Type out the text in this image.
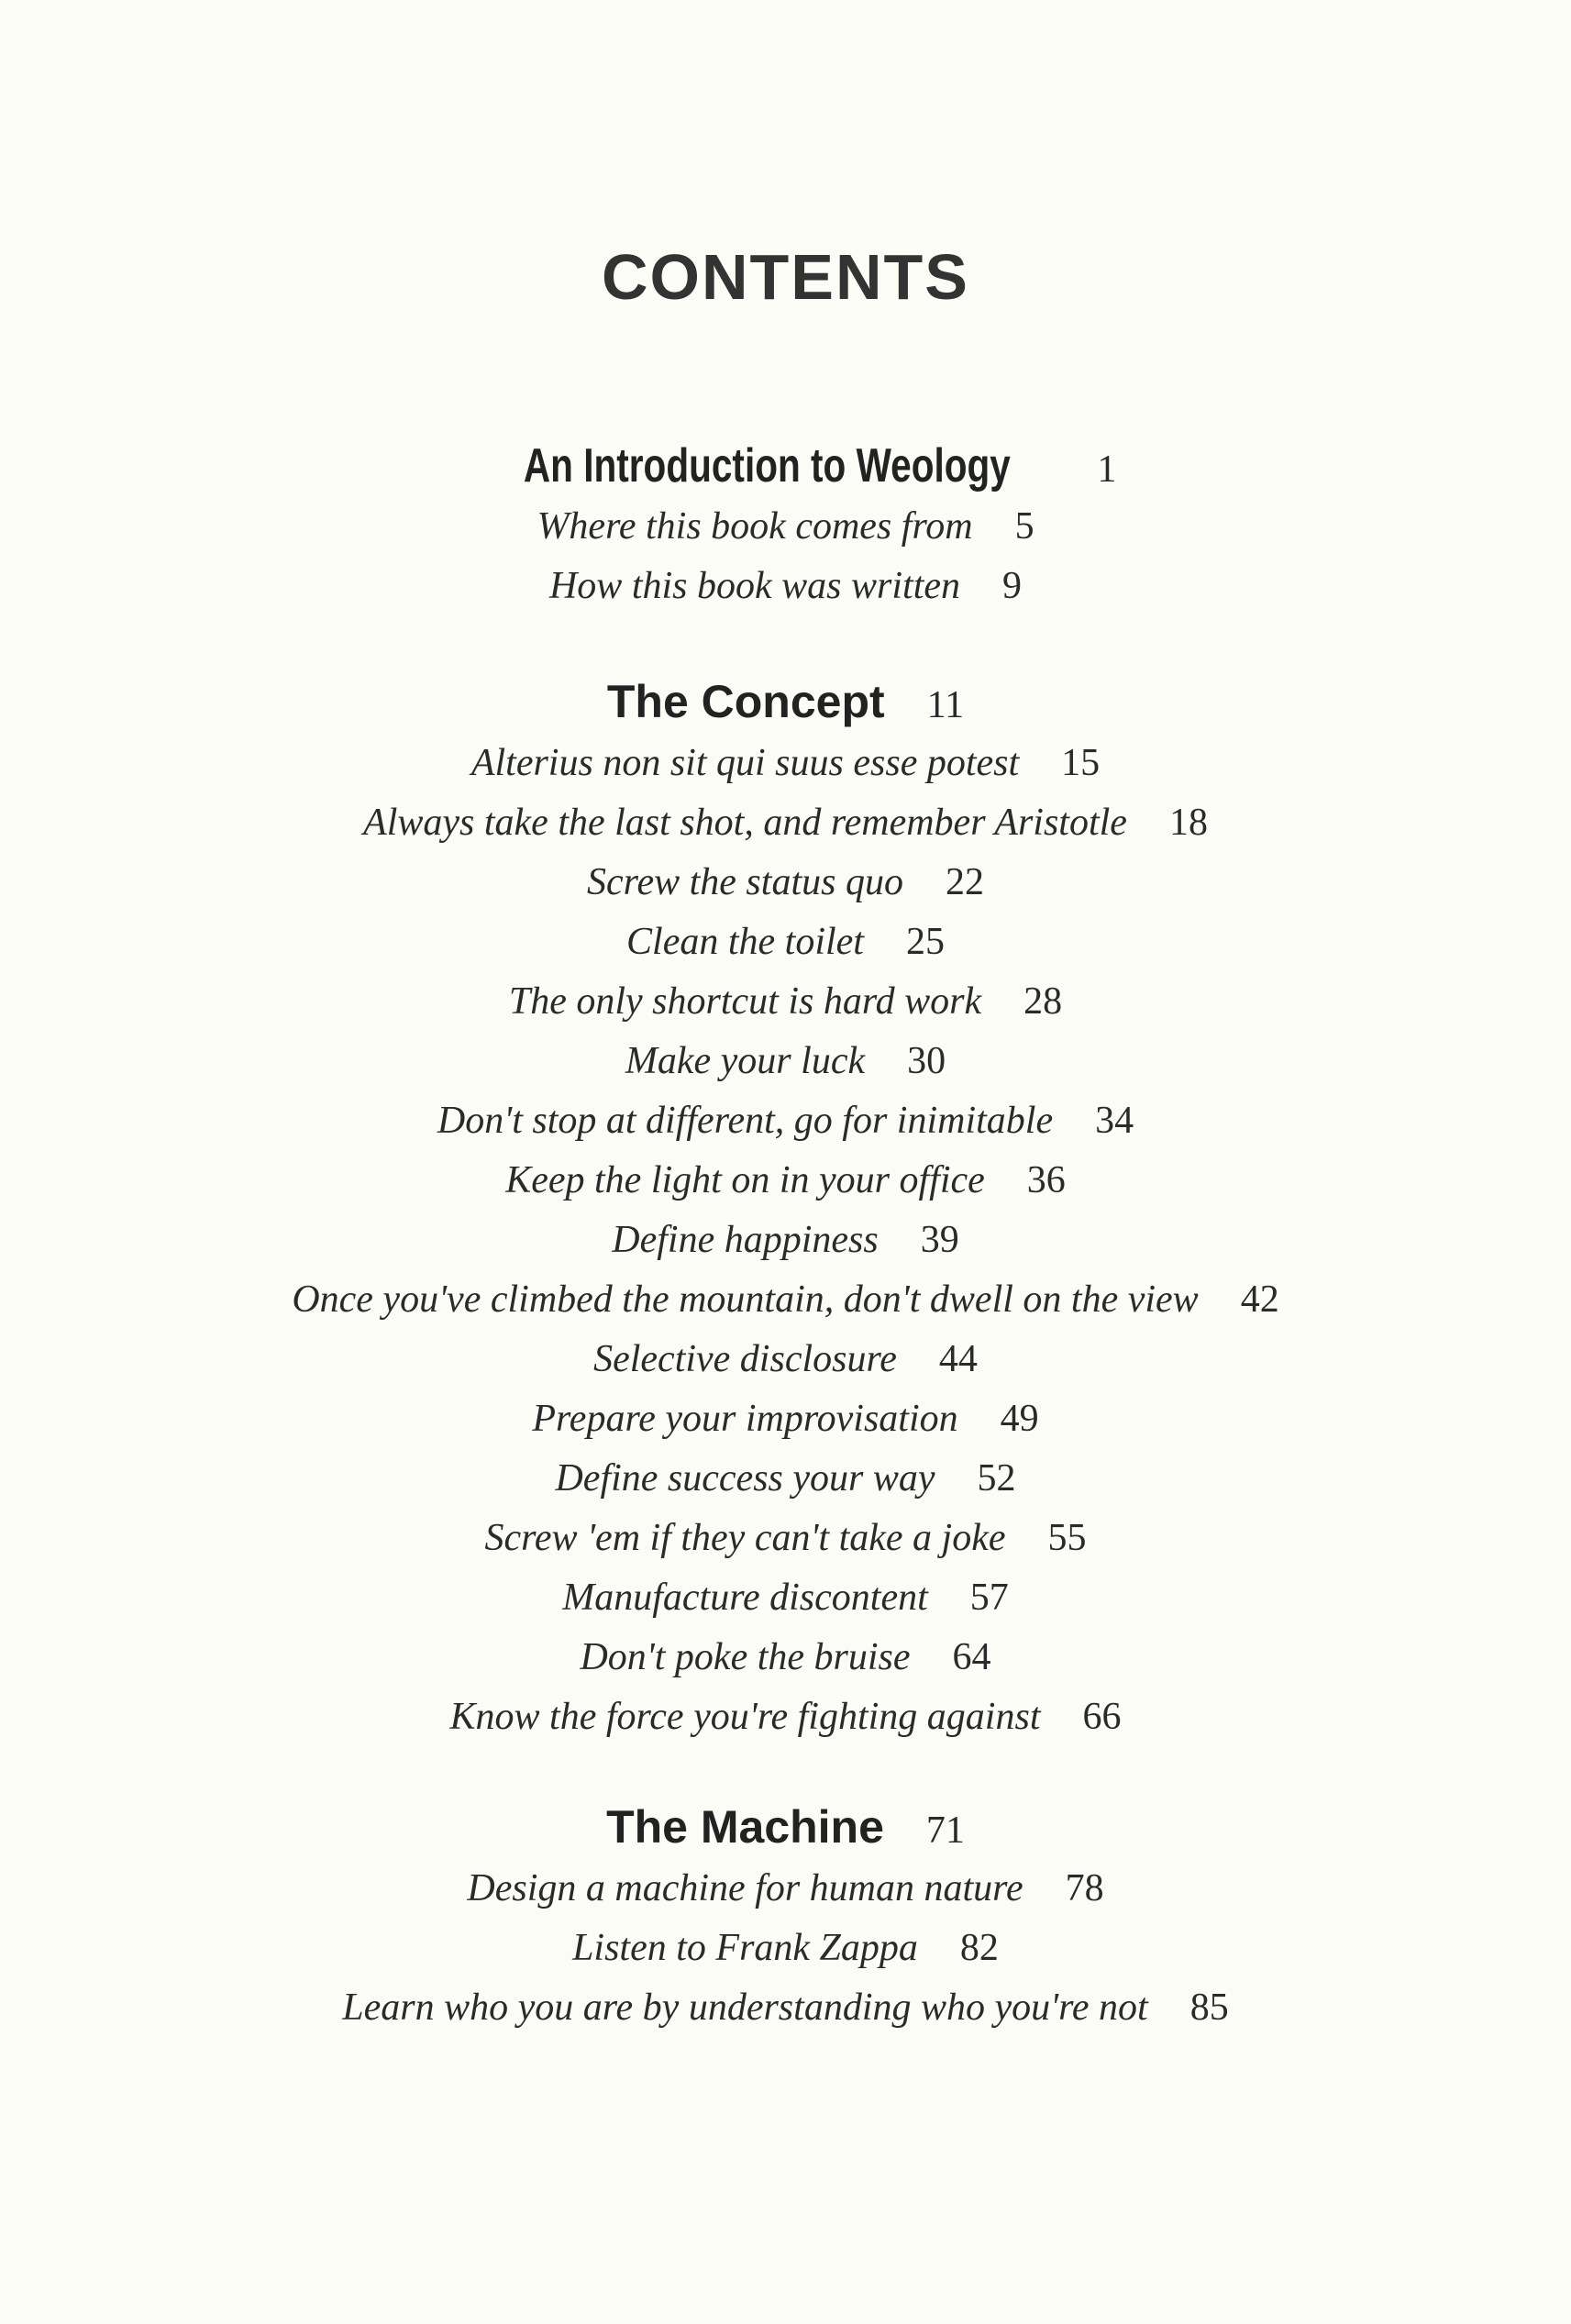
CONTENTS
An Introduction to Weology 1
Where this book comes from 5
How this book was written 9
The Concept 11
Alterius non sit qui suus esse potest 15
Always take the last shot, and remember Aristotle 18
Screw the status quo 22
Clean the toilet 25
The only shortcut is hard work 28
Make your luck 30
Don't stop at different, go for inimitable 34
Keep the light on in your office 36
Define happiness 39
Once you've climbed the mountain, don't dwell on the view 42
Selective disclosure 44
Prepare your improvisation 49
Define success your way 52
Screw 'em if they can't take a joke 55
Manufacture discontent 57
Don't poke the bruise 64
Know the force you're fighting against 66
The Machine 71
Design a machine for human nature 78
Listen to Frank Zappa 82
Learn who you are by understanding who you're not 85
